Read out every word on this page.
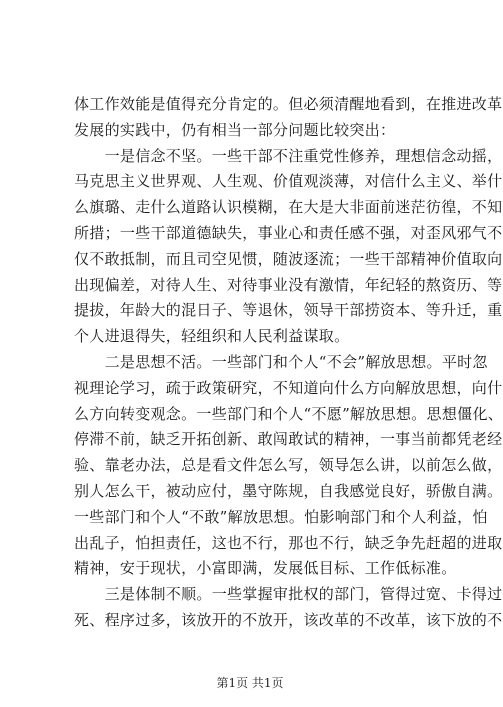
体工作效能是值得充分肯定的。但必须清醒地看到，在推进改革
发展的实践中，仍有相当一部分问题比较突出：
　　一是信念不坚。一些干部不注重党性修养，理想信念动摇，
马克思主义世界观、人生观、价值观淡薄，对信什么主义、举什
么旗璐、走什么道路认识模糊，在大是大非面前迷茫彷徨，不知
所措；一些干部道德缺失，事业心和责任感不强，对歪风邪气不
仅不敢抵制，而且司空见惯，随波逐流；一些干部精神价值取向
出现偏差，对待人生、对待事业没有激情，年纪轻的熬资历、等
提拔，年龄大的混日子、等退休，领导干部捞资本、等升迁，重
个人进退得失，轻组织和人民利益谋取。
　　二是思想不活。一些部门和个人“不会”解放思想。平时忽
视理论学习，疏于政策研究，不知道向什么方向解放思想，向什
么方向转变观念。一些部门和个人“不愿”解放思想。思想僵化、
停滞不前，缺乏开拓创新、敢闯敢试的精神，一事当前都凭老经
验、靠老办法，总是看文件怎么写，领导怎么讲，以前怎么做，
别人怎么干，被动应付，墨守陈规，自我感觉良好，骄傲自满。
一些部门和个人“不敢”解放思想。怕影响部门和个人利益，怕
出乱子，怕担责任，这也不行，那也不行，缺乏争先赶超的进取
精神，安于现状，小富即满，发展低目标、工作低标准。
　　三是体制不顺。一些掌握审批权的部门，管得过宽、卡得过
死、程序过多，该放开的不放开，该改革的不改革，该下放的不
第1页 共1页
